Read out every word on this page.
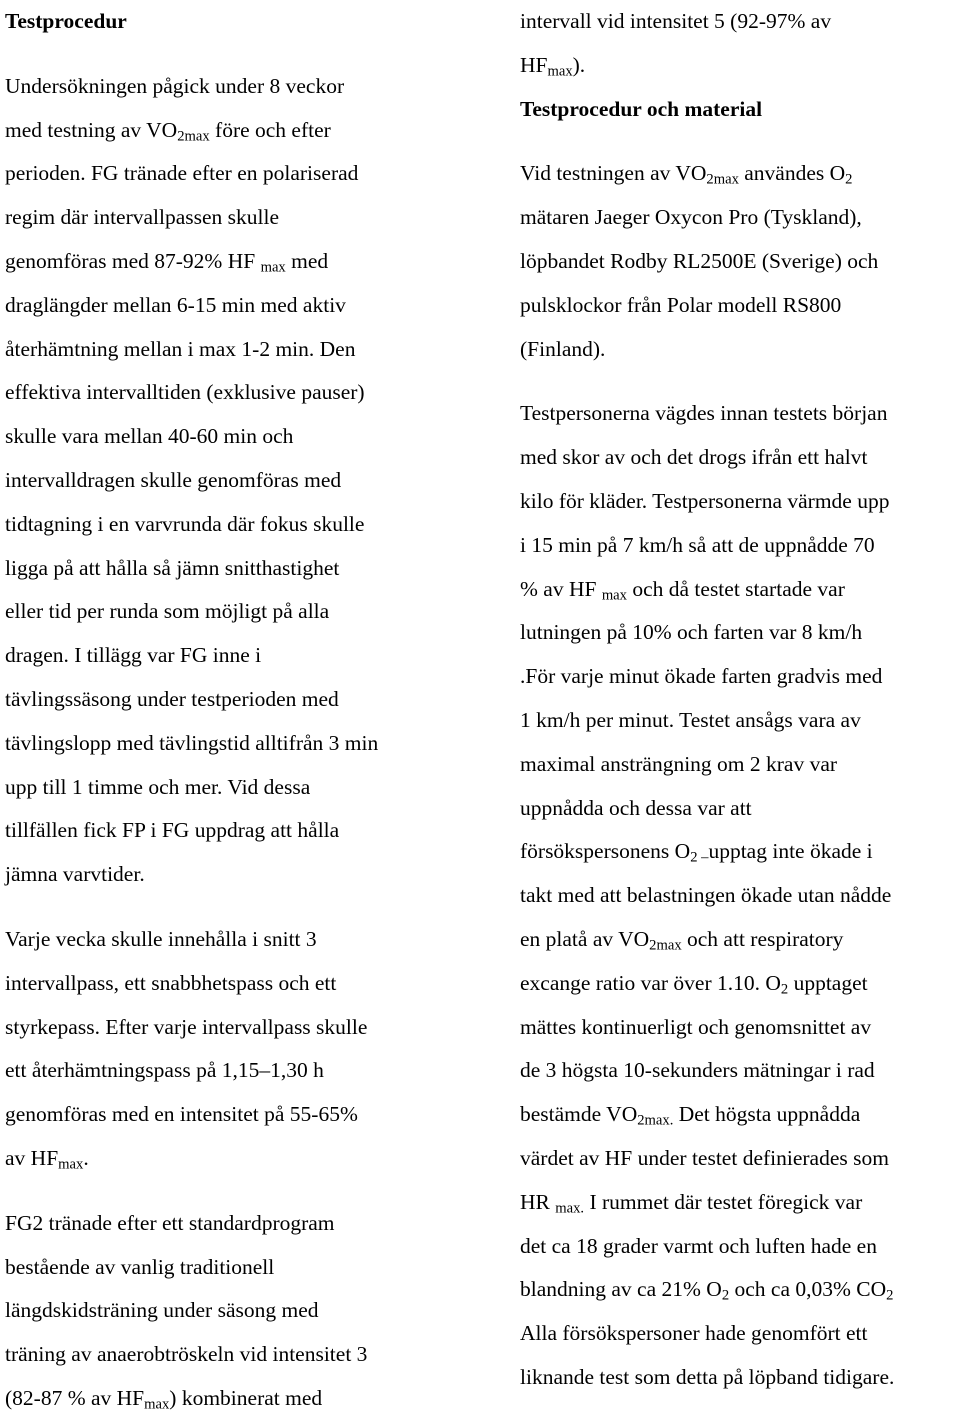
Testprocedur
Undersökningen pågick under 8 veckor
med testning av $VO_{2max}$ före och efter
perioden. FG tränade efter en polariserad
regim där intervallpassen skulle
genomföras med 87-92% HF $_{max}$ med
draglängder mellan 6-15 min med aktiv
återhämtning mellan i max 1-2 min. Den
effektiva intervalltiden (exklusive pauser)
skulle vara mellan 40-60 min och
intervalldragen skulle genomföras med
tidtagning i en varvrunda där fokus skulle
ligga på att hålla så jämn snitthastighet
eller tid per runda som möjligt på alla
dragen. I tillägg var FG inne i
tävlingssäsong under testperioden med
tävlingslopp med tävlingstid alltifrån 3 min
upp till 1 timme och mer. Vid dessa
tillfällen fick FP i FG uppdrag att hålla
jämna varvtider.
Varje vecka skulle innehålla i snitt 3
intervallpass, ett snabbhetspass och ett
styrkepass. Efter varje intervallpass skulle
ett återhämtningspass på 1,15–1,30 h
genomföras med en intensitet på 55-65%
av $HF_{max}$.
FG2 tränade efter ett standardprogram
bestående av vanlig traditionell
längdskidsträning under säsong med
träning av anaerobtröskeln vid intensitet 3
(82-87 % av $HF_{max}$) kombinerat med
intervall vid intensitet 5 (92-97% av
$HF_{max}$).
Testprocedur och material
Vid testningen av $VO_{2max}$ användes $O_2$
mätaren Jaeger Oxycon Pro (Tyskland),
löpbandet Rodby RL2500E (Sverige) och
pulsklockor från Polar modell RS800
(Finland).
Testpersonerna vägdes innan testets början
med skor av och det drogs ifrån ett halvt
kilo för kläder. Testpersonerna värmde upp
i 15 min på 7 km/h så att de uppnådde 70
% av HF $_{max}$ och då testet startade var
lutningen på 10% och farten var 8 km/h
.För varje minut ökade farten gradvis med
1 km/h per minut. Testet ansågs vara av
maximal ansträngning om 2 krav var
uppnådda och dessa var att
försökspersonens $O_{2 -}upptag$ inte ökade i
takt med att belastningen ökade utan nådde
en platå av $VO_{2max}$ och att respiratory
excange ratio var över 1.10. $O_2$ upptaget
mättes kontinuerligt och genomsnittet av
de 3 högsta 10-sekunders mätningar i rad
bestämde $VO_{2max.}$ Det högsta uppnådda
värdet av HF under testet definierades som
HR $_{max.}$ I rummet där testet föregick var
det ca 18 grader varmt och luften hade en
blandning av ca 21% $O_2$ och ca 0,03% $CO_2$
Alla försökspersoner hade genomfört ett
liknande test som detta på löpband tidigare.
